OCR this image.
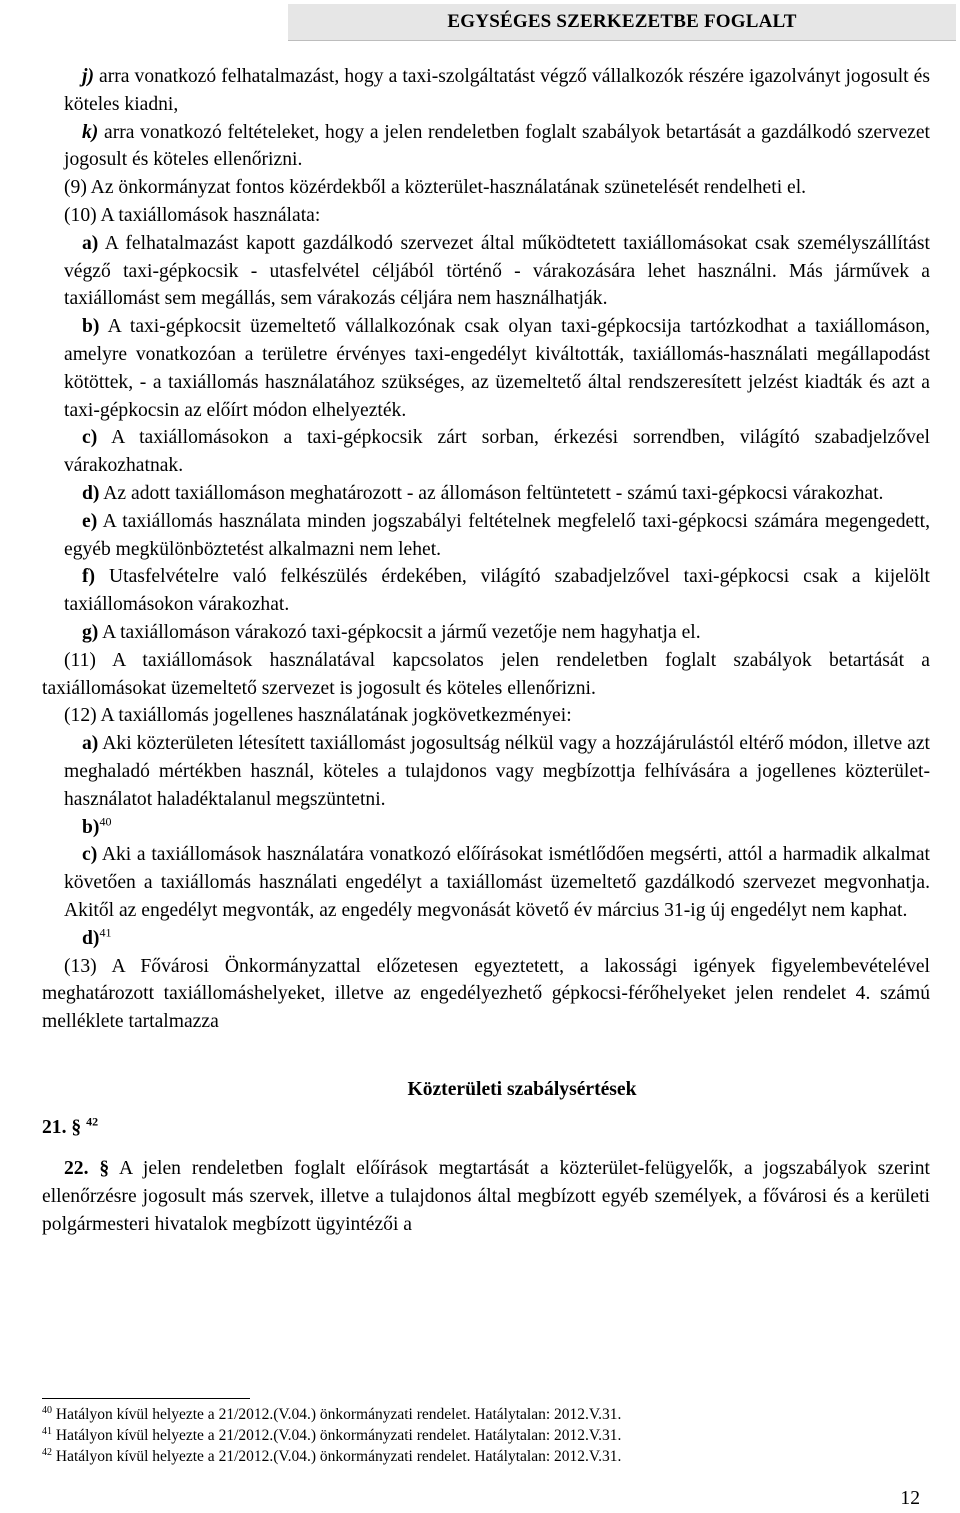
EGYSÉGES SZERKEZETBE FOGLALT

j) arra vonatkozó felhatalmazást, hogy a taxi-szolgáltatást végző vállalkozók részére igazolványt jogosult és köteles kiadni,

k) arra vonatkozó feltételeket, hogy a jelen rendeletben foglalt szabályok betartását a gazdálkodó szervezet jogosult és köteles ellenőrizni.

(9) Az önkormányzat fontos közérdekből a közterület-használatának szünetelését rendelheti el.

(10) A taxiállomások használata:

a) A felhatalmazást kapott gazdálkodó szervezet által működtetett taxiállomásokat csak személyszállítást végző taxi-gépkocsik - utasfelvétel céljából történő - várakozására lehet használni. Más járművek a taxiállomást sem megállás, sem várakozás céljára nem használhatják.

b) A taxi-gépkocsit üzemeltető vállalkozónak csak olyan taxi-gépkocsija tartózkodhat a taxiállomáson, amelyre vonatkozóan a területre érvényes taxi-engedélyt kiváltották, taxiállomás-használati megállapodást kötöttek, - a taxiállomás használatához szükséges, az üzemeltető által rendszeresített jelzést kiadták és azt a taxi-gépkocsin az előírt módon elhelyezték.

c) A taxiállomásokon a taxi-gépkocsik zárt sorban, érkezési sorrendben, világító szabadjelzővel várakozhatnak.

d) Az adott taxiállomáson meghatározott - az állomáson feltüntetett - számú taxi-gépkocsi várakozhat.

e) A taxiállomás használata minden jogszabályi feltételnek megfelelő taxi-gépkocsi számára megengedett, egyéb megkülönböztetést alkalmazni nem lehet.

f) Utasfelvételre való felkészülés érdekében, világító szabadjelzővel taxi-gépkocsi csak a kijelölt taxiállomásokon várakozhat.

g) A taxiállomáson várakozó taxi-gépkocsit a jármű vezetője nem hagyhatja el.

(11) A taxiállomások használatával kapcsolatos jelen rendeletben foglalt szabályok betartását a taxiállomásokat üzemeltető szervezet is jogosult és köteles ellenőrizni.

(12) A taxiállomás jogellenes használatának jogkövetkezményei:

a) Aki közterületen létesített taxiállomást jogosultság nélkül vagy a hozzájárulástól eltérő módon, illetve azt meghaladó mértékben használ, köteles a tulajdonos vagy megbízottja felhívására a jogellenes közterület-használatot haladéktalanul megszüntetni.

b)$^{40}$

c) Aki a taxiállomások használatára vonatkozó előírásokat ismétlődően megsérti, attól a harmadik alkalmat követően a taxiállomás használati engedélyt a taxiállomást üzemeltető gazdálkodó szervezet megvonhatja. Akitől az engedélyt megvonták, az engedély megvonását követő év március 31-ig új engedélyt nem kaphat.

d)$^{41}$

(13) A Fővárosi Önkormányzattal előzetesen egyeztetett, a lakossági igények figyelembevételével meghatározott taxiállomáshelyeket, illetve az engedélyezhető gépkocsi-férőhelyeket jelen rendelet 4. számú melléklete tartalmazza

Közterületi szabálysértések

21. § $^{42}$

22. § A jelen rendeletben foglalt előírások megtartását a közterület-felügyelők, a jogszabályok szerint ellenőrzésre jogosult más szervek, illetve a tulajdonos által megbízott egyéb személyek, a fővárosi és a kerületi polgármesteri hivatalok megbízott ügyintézői a

$^{40}$ Hatályon kívül helyezte a 21/2012.(V.04.) önkormányzati rendelet. Hatálytalan: 2012.V.31.
$^{41}$ Hatályon kívül helyezte a 21/2012.(V.04.) önkormányzati rendelet. Hatálytalan: 2012.V.31.
$^{42}$ Hatályon kívül helyezte a 21/2012.(V.04.) önkormányzati rendelet. Hatálytalan: 2012.V.31.
12
